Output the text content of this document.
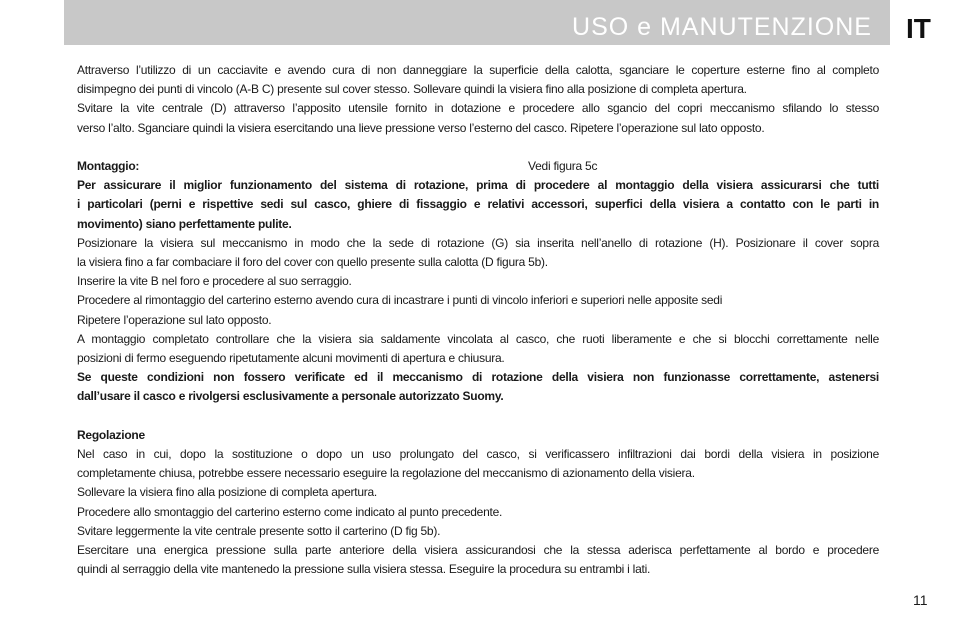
USO e MANUTENZIONE IT

Attraverso l’utilizzo di un cacciavite e avendo cura di non danneggiare la superficie della calotta, sganciare le coperture esterne fino al completo

disimpegno dei punti di vincolo (A-B C) presente sul cover stesso. Sollevare quindi la visiera fino alla posizione di completa apertura.

Svitare la vite centrale (D) attraverso l’apposito utensile fornito in dotazione e procedere allo sgancio del copri meccanismo sfilando lo stesso

verso l’alto. Sganciare quindi la visiera esercitando una lieve pressione verso l’esterno del casco. Ripetere l’operazione sul lato opposto.

Montaggio:	Vedi figura 5c

Per assicurare il miglior funzionamento del sistema di rotazione, prima di procedere al montaggio della visiera assicurarsi che tutti

i particolari (perni e rispettive sedi sul casco, ghiere di fissaggio e relativi accessori, superfici della visiera a contatto con le parti in

movimento) siano perfettamente pulite.

Posizionare la visiera sul meccanismo in modo che la sede di rotazione (G) sia inserita nell’anello di rotazione (H). Posizionare il cover sopra

la visiera fino a far combaciare il foro del cover con quello presente sulla calotta (D figura 5b).

Inserire la vite B nel foro e procedere al suo serraggio.

Procedere al rimontaggio del carterino esterno avendo cura di incastrare i punti di vincolo inferiori e superiori nelle apposite sedi

Ripetere l’operazione sul lato opposto.

A montaggio completato controllare che la visiera sia saldamente vincolata al casco, che ruoti liberamente e che si blocchi correttamente nelle

posizioni di fermo eseguendo ripetutamente alcuni movimenti di apertura e chiusura.

Se queste condizioni non fossero verificate ed il meccanismo di rotazione della visiera non funzionasse correttamente, astenersi

dall’usare il casco e rivolgersi esclusivamente a personale autorizzato Suomy.

Regolazione

Nel caso in cui, dopo la sostituzione o dopo un uso prolungato del casco, si verificassero infiltrazioni dai bordi della visiera in posizione

completamente chiusa, potrebbe essere necessario eseguire la regolazione del meccanismo di azionamento della visiera.

Sollevare la visiera fino alla posizione di completa apertura.

Procedere allo smontaggio del carterino esterno come indicato al punto precedente.

Svitare leggermente la vite centrale presente sotto il carterino (D fig 5b).

Esercitare una energica pressione sulla parte anteriore della visiera assicurandosi che la stessa aderisca perfettamente al bordo e procedere

quindi al serraggio della vite mantenedo la pressione sulla visiera stessa. Eseguire la procedura su entrambi i lati.

11
